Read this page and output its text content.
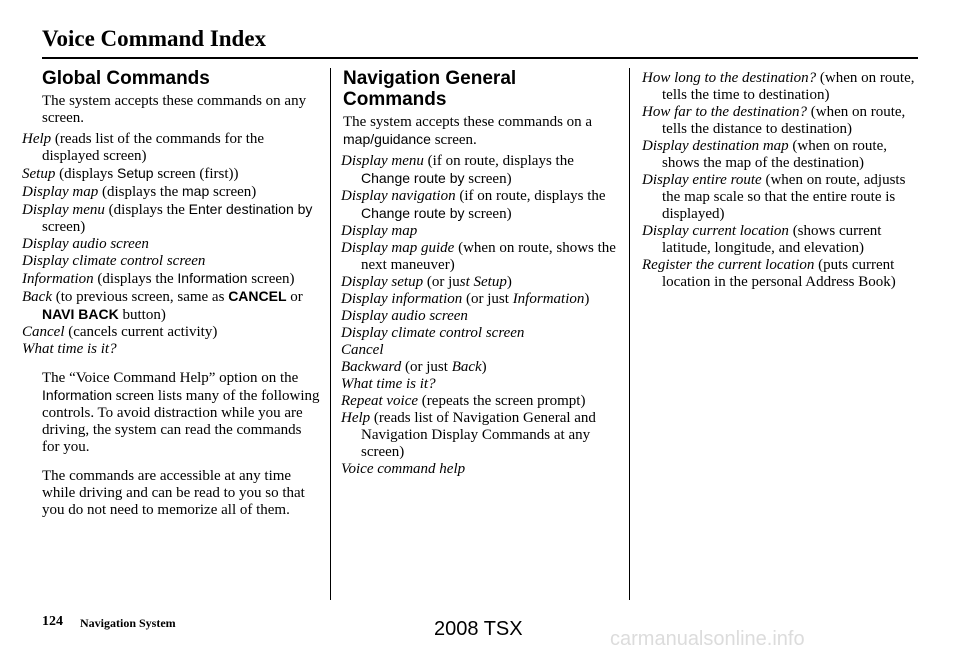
Voice Command Index
Global Commands

The system accepts these commands on any screen.

Help (reads list of the commands for the displayed screen)

Setup (displays Setup screen (first))

Display map (displays the map screen)

Display menu (displays the Enter destination by screen)

Display audio screen

Display climate control screen

Information (displays the Information screen)

Back (to previous screen, same as CANCEL or NAVI BACK button)

Cancel (cancels current activity)

What time is it?

The “Voice Command Help” option on the Information screen lists many of the following controls. To avoid distraction while you are driving, the system can read the commands for you.

The commands are accessible at any time while driving and can be read to you so that you do not need to memorize all of them.

Navigation General Commands

The system accepts these commands on a map/guidance screen.

Display menu (if on route, displays the Change route by screen)

Display navigation (if on route, displays the Change route by screen)

Display map

Display map guide (when on route, shows the next maneuver)

Display setup (or just Setup)

Display information (or just Information)

Display audio screen

Display climate control screen

Cancel

Backward (or just Back)

What time is it?

Repeat voice (repeats the screen prompt)

Help (reads list of Navigation General and Navigation Display Commands at any screen)

Voice command help

How long to the destination? (when on route, tells the time to destination)

How far to the destination? (when on route, tells the distance to destination)

Display destination map (when on route, shows the map of the destination)

Display entire route (when on route, adjusts the map scale so that the entire route is displayed)

Display current location (shows current latitude, longitude, and elevation)

Register the current location (puts current location in the personal Address Book)

124 Navigation System	2008 TSX	carmanualsonline.info
